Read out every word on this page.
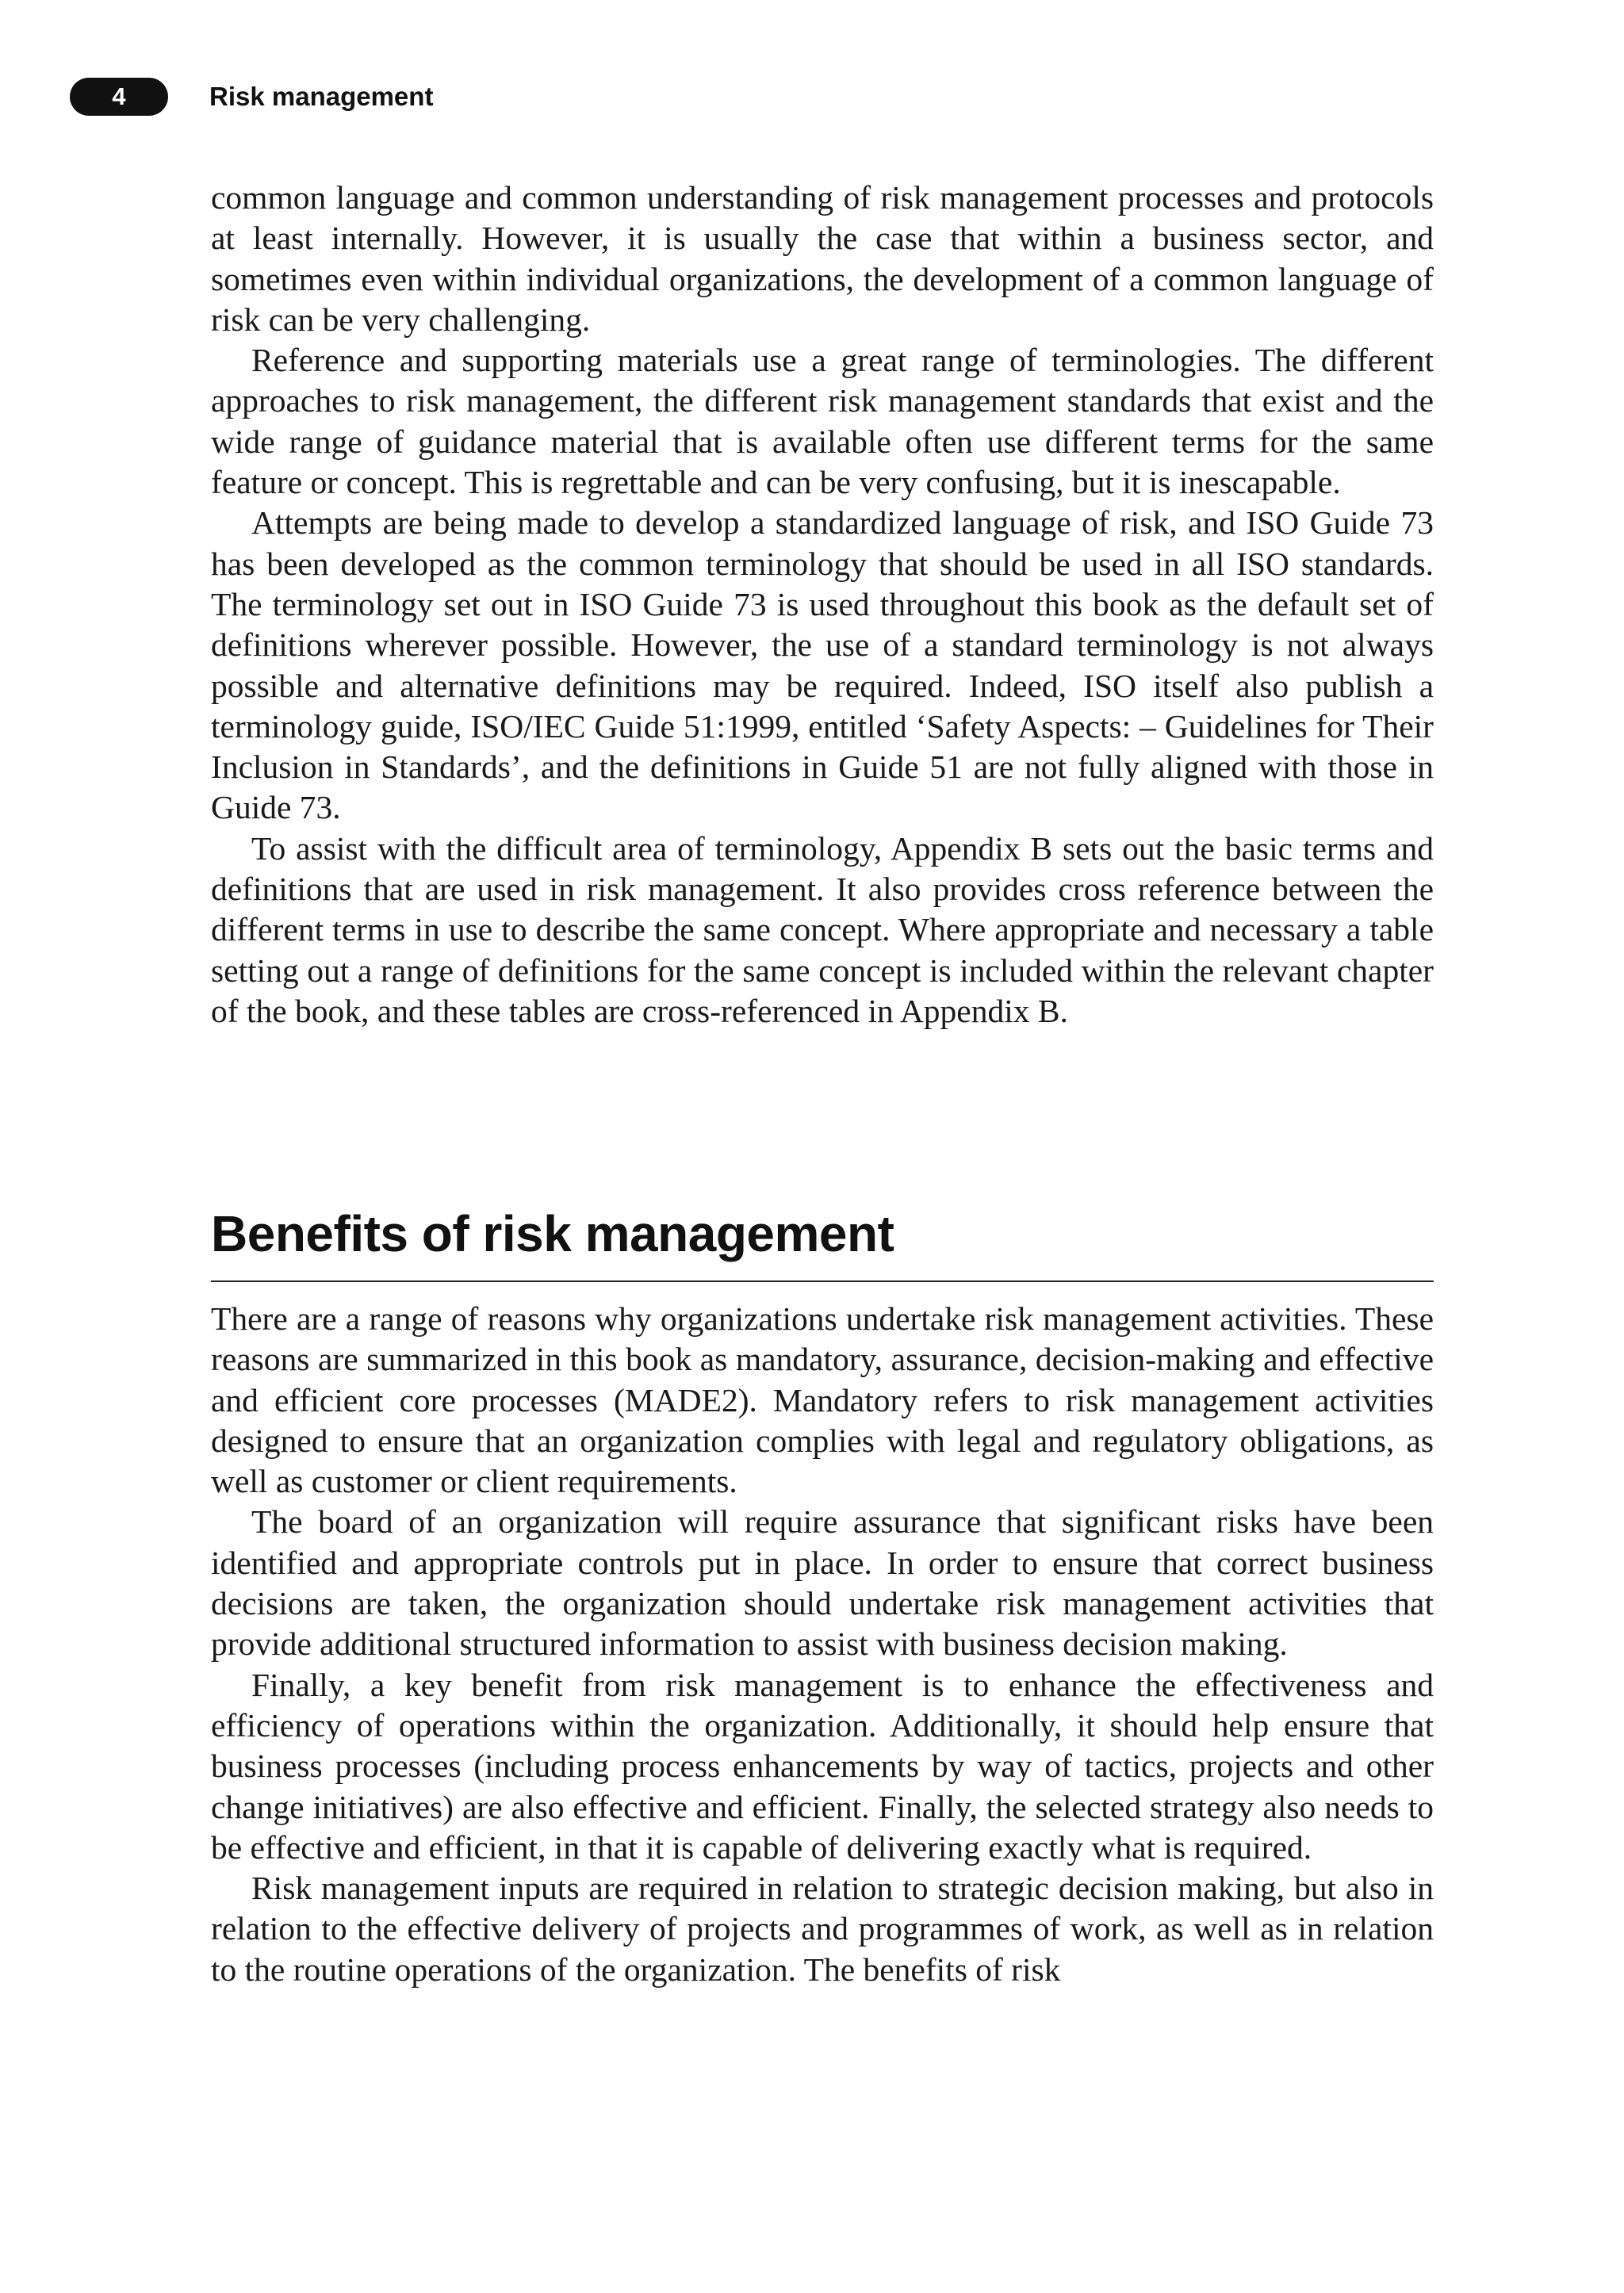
4	Risk management

common language and common understanding of risk management processes and protocols at least internally. However, it is usually the case that within a business sector, and sometimes even within individual organizations, the development of a common language of risk can be very challenging.

Reference and supporting materials use a great range of terminologies. The different approaches to risk management, the different risk management standards that exist and the wide range of guidance material that is available often use different terms for the same feature or concept. This is regrettable and can be very confusing, but it is inescapable.

Attempts are being made to develop a standardized language of risk, and ISO Guide 73 has been developed as the common terminology that should be used in all ISO standards. The terminology set out in ISO Guide 73 is used throughout this book as the default set of definitions wherever possible. However, the use of a standard terminology is not always possible and alternative definitions may be required. Indeed, ISO itself also publish a terminology guide, ISO/IEC Guide 51:1999, entitled ‘Safety Aspects: – Guidelines for Their Inclusion in Standards’, and the definitions in Guide 51 are not fully aligned with those in Guide 73.

To assist with the difficult area of terminology, Appendix B sets out the basic terms and definitions that are used in risk management. It also provides cross reference between the different terms in use to describe the same concept. Where appropriate and necessary a table setting out a range of definitions for the same concept is included within the relevant chapter of the book, and these tables are cross-referenced in Appendix B.

Benefits of risk management

There are a range of reasons why organizations undertake risk management activities. These reasons are summarized in this book as mandatory, assurance, decision-making and effective and efficient core processes (MADE2). Mandatory refers to risk management activities designed to ensure that an organization complies with legal and regulatory obligations, as well as customer or client requirements.

The board of an organization will require assurance that significant risks have been identified and appropriate controls put in place. In order to ensure that correct business decisions are taken, the organization should undertake risk management activities that provide additional structured information to assist with business decision making.

Finally, a key benefit from risk management is to enhance the effectiveness and efficiency of operations within the organization. Additionally, it should help ensure that business processes (including process enhancements by way of tactics, projects and other change initiatives) are also effective and efficient. Finally, the selected strategy also needs to be effective and efficient, in that it is capable of delivering exactly what is required.

Risk management inputs are required in relation to strategic decision making, but also in relation to the effective delivery of projects and programmes of work, as well as in relation to the routine operations of the organization. The benefits of risk
